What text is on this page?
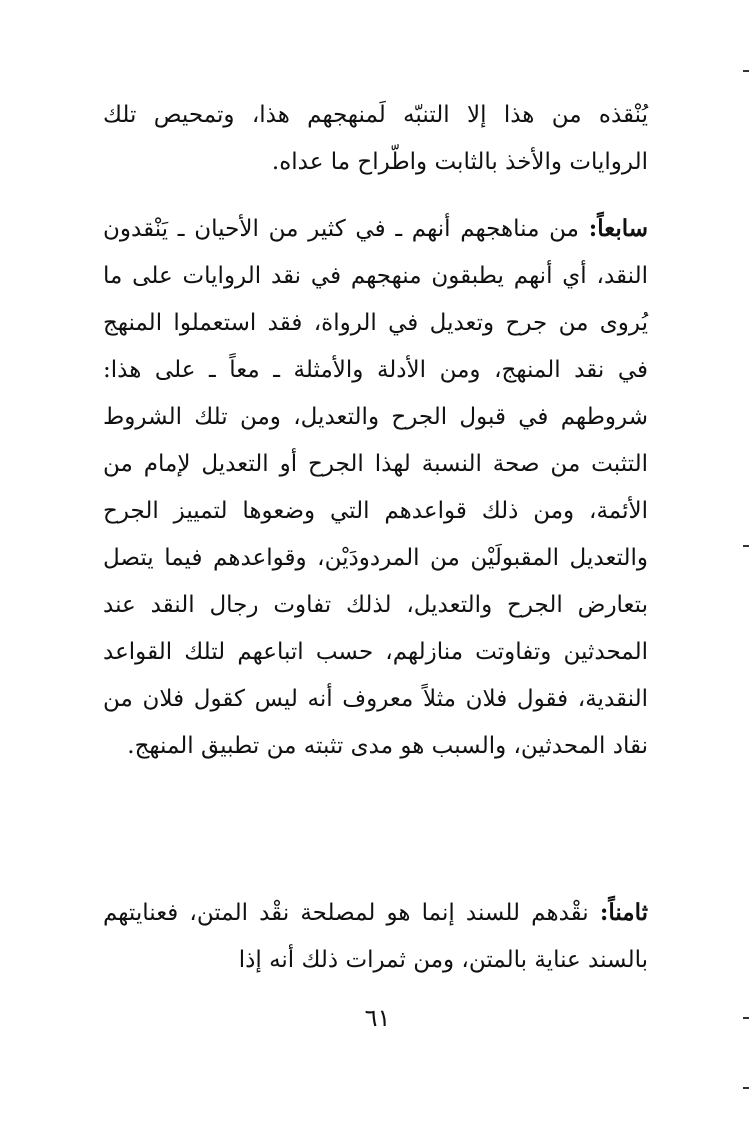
يُنْقذه من هذا إلا التنبّه لَمنهجهم هذا، وتمحيص تلك الروايات والأخذ بالثابت واطّراح ما عداه.

سابعاً: من مناهجهم أنهم ـ في كثير من الأحيان ـ يَنْقدون النقد، أي أنهم يطبقون منهجهم في نقد الروايات على ما يُروى من جرح وتعديل في الرواة، فقد استعملوا المنهج في نقد المنهج، ومن الأدلة والأمثلة ـ معاً ـ على هذا: شروطهم في قبول الجرح والتعديل، ومن تلك الشروط التثبت من صحة النسبة لهذا الجرح أو التعديل لإمام من الأئمة، ومن ذلك قواعدهم التي وضعوها لتمييز الجرح والتعديل المقبولَيْن من المردودَيْن، وقواعدهم فيما يتصل بتعارض الجرح والتعديل، لذلك تفاوت رجال النقد عند المحدثين وتفاوتت منازلهم، حسب اتباعهم لتلك القواعد النقدية، فقول فلان مثلاً معروف أنه ليس كقول فلان من نقاد المحدثين، والسبب هو مدى تثبته من تطبيق المنهج.

ثامناً: نقْدهم للسند إنما هو لمصلحة نقْد المتن، فعنايتهم بالسند عناية بالمتن، ومن ثمرات ذلك أنه إذا

٦١
